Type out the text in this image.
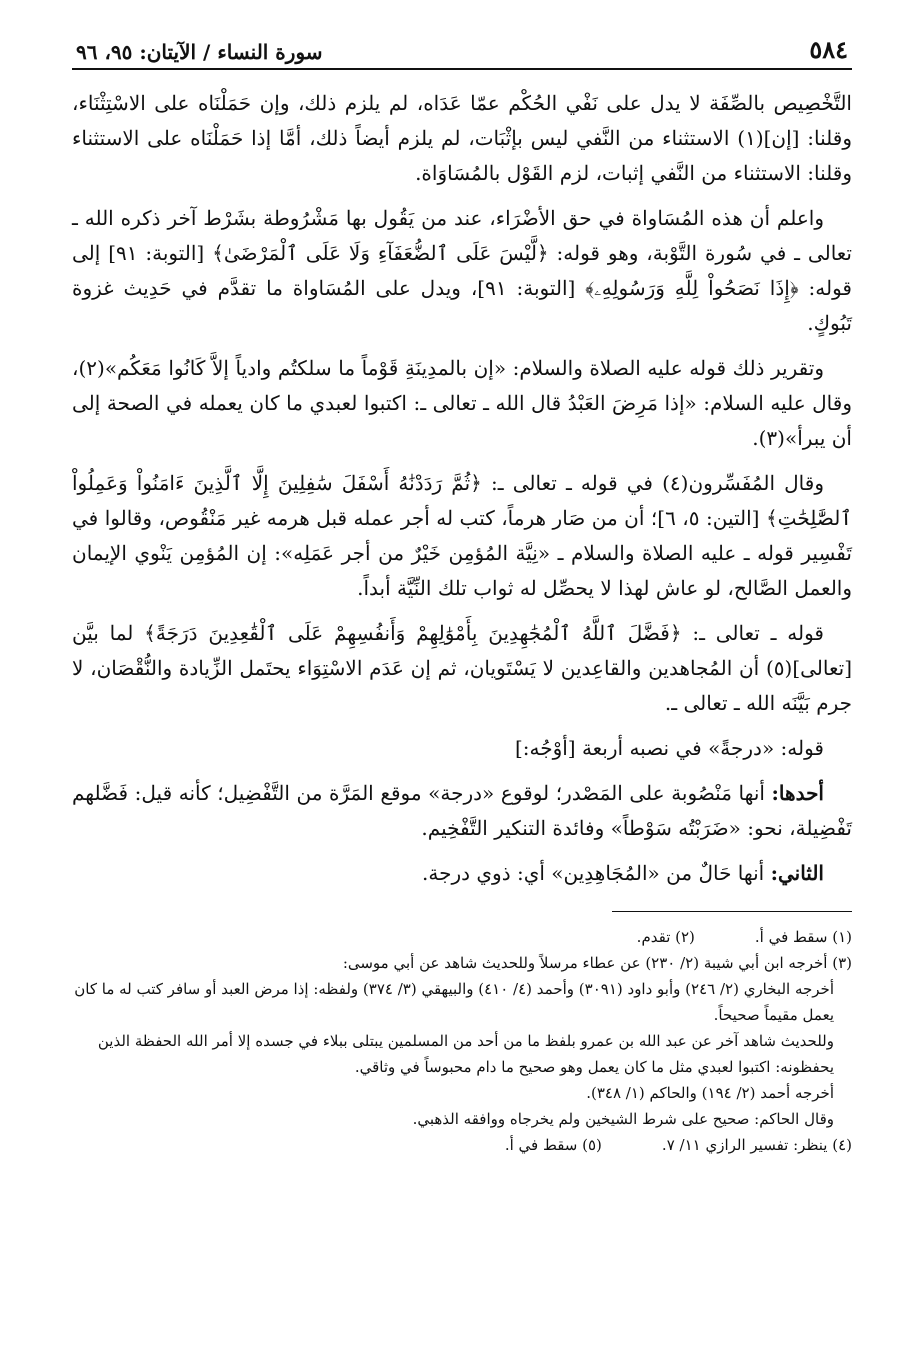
٥٨٤
سورة النساء / الآيتان: ٩٥، ٩٦

التَّخْصِيص بالصِّفَة لا يدل على نَفْي الحُكْم عمّا عَدَاه، لم يلزم ذلك، وإن حَمَلْنَاه على الاسْتِثْنَاء، وقلنا: [إن](١) الاستثناء من النَّفي ليس بإثْبَات، لم يلزم أيضاً ذلك، أمَّا إذا حَمَلْنَاه على الاستثناء وقلنا: الاستثناء من النَّفي إثبات، لزم القَوْل بالمُسَاوَاة.

واعلم أن هذه المُسَاواة في حق الأضْرَاء، عند من يَقُول بها مَشْرُوطة بشَرْط آخر ذكره الله ـ تعالى ـ في سُورة التَّوْبة، وهو قوله: ﴿لَّيْسَ عَلَى ٱلضُّعَفَآءِ وَلَا عَلَى ٱلْمَرْضَىٰ﴾ [التوبة: ٩١] إلى قوله: ﴿إِذَا نَصَحُواْ لِلَّهِ وَرَسُولِهِۦ﴾ [التوبة: ٩١]، ويدل على المُسَاواة ما تقدَّم في حَدِيث غزوة تَبُوكٍ.

وتقرير ذلك قوله عليه الصلاة والسلام: «إن بالمدِينَةِ قَوْماً ما سلكتُم وادياً إلاَّ كَانُوا مَعَكُم»(٢)، وقال عليه السلام: «إذا مَرِضَ العَبْدُ قال الله ـ تعالى ـ: اكتبوا لعبدي ما كان يعمله في الصحة إلى أن يبرأ»(٣).

وقال المُفَسِّرون(٤) في قوله ـ تعالى ـ: ﴿ثُمَّ رَدَدْنَٰهُ أَسْفَلَ سَٰفِلِينَ إِلَّا ٱلَّذِينَ ءَامَنُواْ وَعَمِلُواْ ٱلصَّٰلِحَٰتِ﴾ [التين: ٥، ٦]؛ أن من صَار هرماً، كتب له أجر عمله قبل هرمه غير مَنْقُوص، وقالوا في تَفْسِير قوله ـ عليه الصلاة والسلام ـ «نِيَّة المُؤمِن خَيْرٌ من أجر عَمَلِه»: إن المُؤمِن يَنْوي الإيمان والعمل الصَّالح، لو عاش لهذا لا يحصِّل له ثواب تلك النِّيَّة أبداً.

قوله ـ تعالى ـ: ﴿فَضَّلَ ٱللَّهُ ٱلْمُجَٰهِدِينَ بِأَمْوَٰلِهِمْ وَأَنفُسِهِمْ عَلَى ٱلْقَٰعِدِينَ دَرَجَةً﴾ لما بيَّن [تعالى](٥) أن المُجاهدين والقاعِدين لا يَسْتَويان، ثم إن عَدَم الاسْتِوَاء يحتَمل الزِّيادة والنُّقْصَان، لا جرم بَيَّنَه الله ـ تعالى ـ.

قوله: «درجةً» في نصبه أربعة [أوْجُه:]

أحدها: أنها مَنْصُوبة على المَصْدر؛ لوقوع «درجة» موقع المَرَّة من التَّفْضِيل؛ كأنه قيل: فَضَّلهم تَفْضِيلة، نحو: «ضَرَبْتُه سَوْطاً» وفائدة التنكير التَّفْخِيم.

الثاني: أنها حَالٌ من «المُجَاهِدِين» أي: ذوي درجة.

(١) سقط في أ.
(٢) تقدم.

(٣) أخرجه ابن أبي شيبة (٢/ ٢٣٠) عن عطاء مرسلاً وللحديث شاهد عن أبي موسى:

أخرجه البخاري (٢/ ٢٤٦) وأبو داود (٣٠٩١) وأحمد (٤/ ٤١٠) والبيهقي (٣/ ٣٧٤) ولفظه: إذا مرض العبد أو سافر كتب له ما كان يعمل مقيماً صحيحاً.

وللحديث شاهد آخر عن عبد الله بن عمرو بلفظ ما من أحد من المسلمين يبتلى ببلاء في جسده إلا أمر الله الحفظة الذين يحفظونه: اكتبوا لعبدي مثل ما كان يعمل وهو صحيح ما دام محبوساً في وثاقي.

أخرجه أحمد (٢/ ١٩٤) والحاكم (١/ ٣٤٨).

وقال الحاكم: صحيح على شرط الشيخين ولم يخرجاه ووافقه الذهبي.

(٤) ينظر: تفسير الرازي ١١/ ٧.
(٥) سقط في أ.
